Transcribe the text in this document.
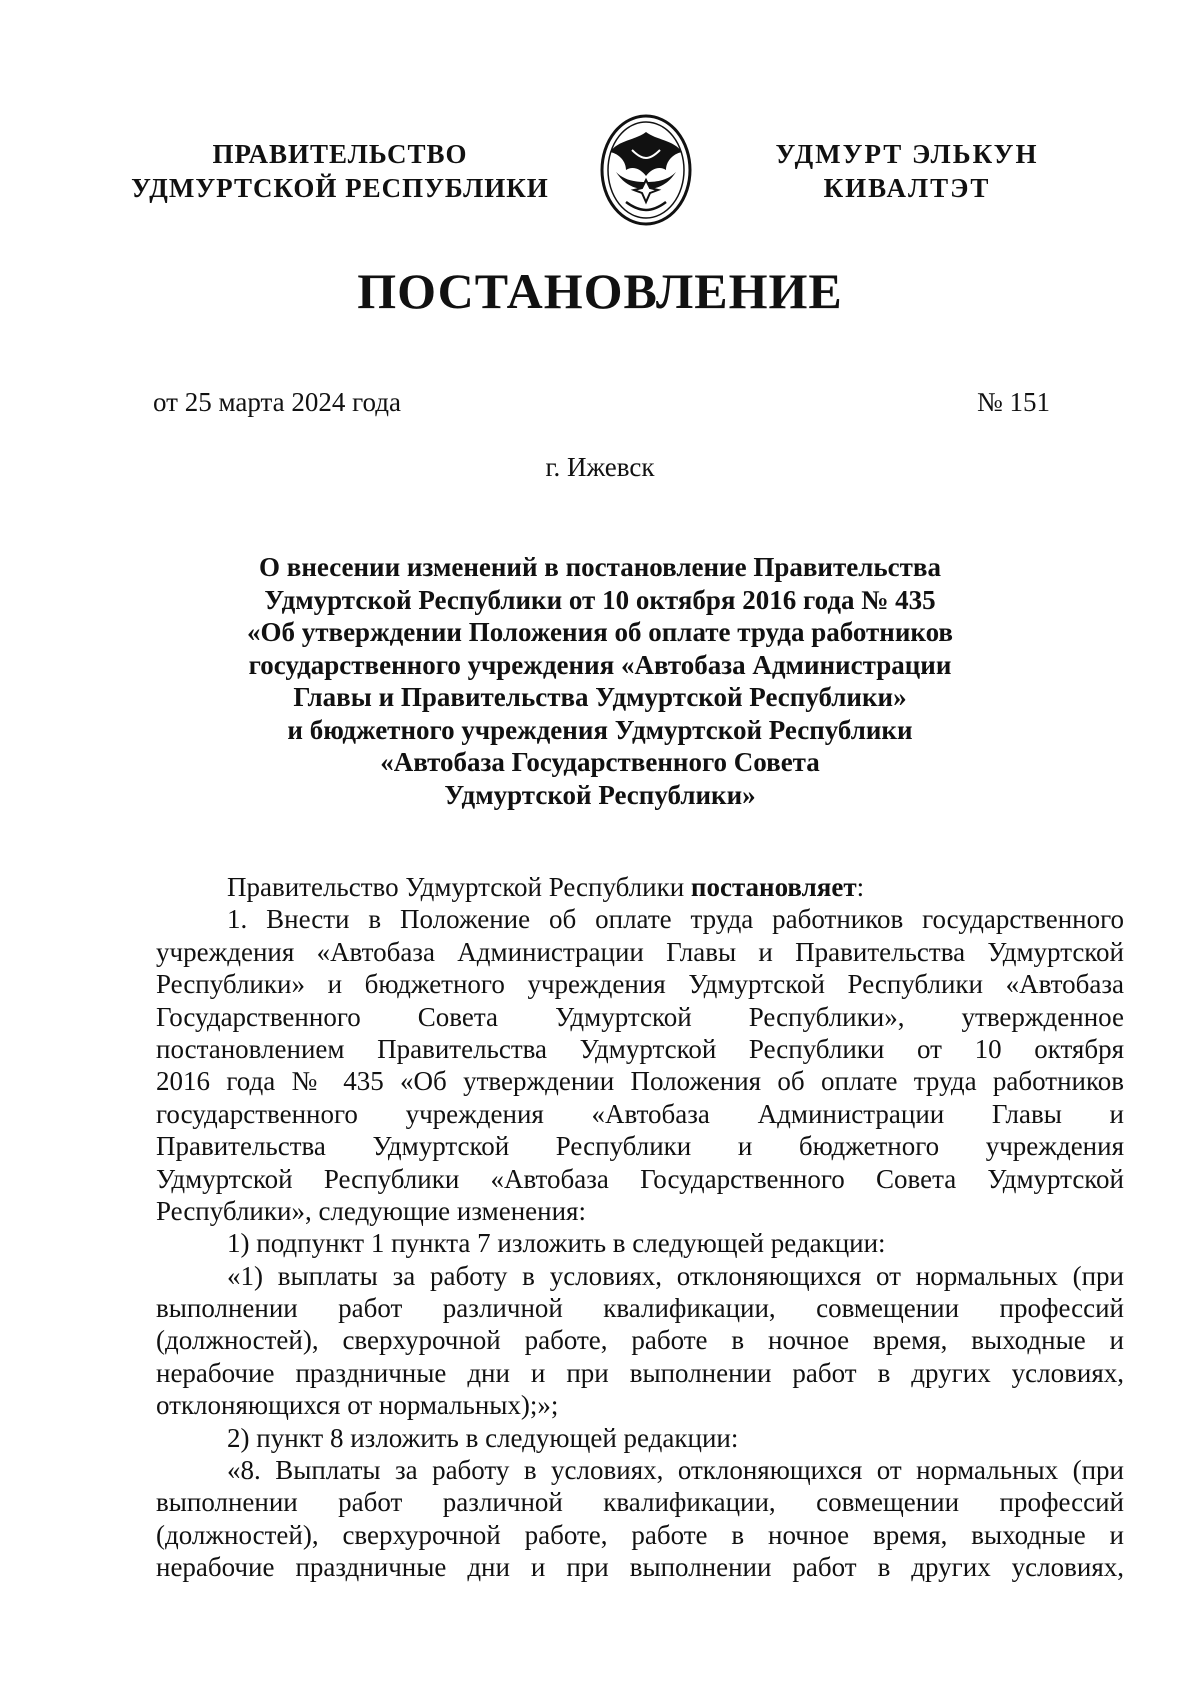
ПРАВИТЕЛЬСТВО
УДМУРТСКОЙ РЕСПУБЛИКИ
УДМУРТ ЭЛЬКУН
КИВАЛТЭТ
ПОСТАНОВЛЕНИЕ
от 25 марта 2024 года	№ 151
г. Ижевск
О внесении изменений в постановление Правительства
Удмуртской Республики от 10 октября 2016 года № 435
«Об утверждении Положения об оплате труда работников
государственного учреждения «Автобаза Администрации
Главы и Правительства Удмуртской Республики»
и бюджетного учреждения Удмуртской Республики
«Автобаза Государственного Совета
Удмуртской Республики»
Правительство Удмуртской Республики постановляет:
1. Внести в Положение об оплате труда работников государственного
учреждения «Автобаза Администрации Главы и Правительства Удмуртской
Республики» и бюджетного учреждения Удмуртской Республики «Автобаза
Государственного Совета Удмуртской Республики», утвержденное
постановлением Правительства Удмуртской Республики от 10 октября
2016 года № 435 «Об утверждении Положения об оплате труда работников
государственного учреждения «Автобаза Администрации Главы и
Правительства Удмуртской Республики и бюджетного учреждения
Удмуртской Республики «Автобаза Государственного Совета Удмуртской
Республики», следующие изменения:
1) подпункт 1 пункта 7 изложить в следующей редакции:
«1) выплаты за работу в условиях, отклоняющихся от нормальных (при
выполнении работ различной квалификации, совмещении профессий
(должностей), сверхурочной работе, работе в ночное время, выходные и
нерабочие праздничные дни и при выполнении работ в других условиях,
отклоняющихся от нормальных);»;
2) пункт 8 изложить в следующей редакции:
«8. Выплаты за работу в условиях, отклоняющихся от нормальных (при
выполнении работ различной квалификации, совмещении профессий
(должностей), сверхурочной работе, работе в ночное время, выходные и
нерабочие праздничные дни и при выполнении работ в других условиях,
